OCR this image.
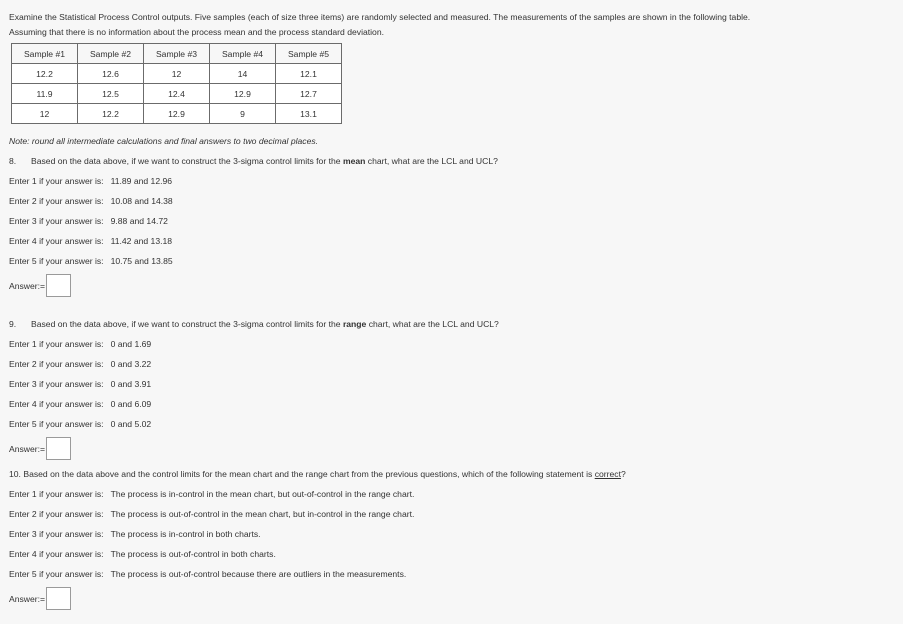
Examine the Statistical Process Control outputs. Five samples (each of size three items) are randomly selected and measured. The measurements of the samples are shown in the following table.
Assuming that there is no information about the process mean and the process standard deviation.
Sample #1	Sample #2	Sample #3	Sample #4	Sample #5
12.2	12.6	12	14	12.1
11.9	12.5	12.4	12.9	12.7
12	12.2	12.9	9	13.1
Note: round all intermediate calculations and final answers to two decimal places.
8. Based on the data above, if we want to construct the 3-sigma control limits for the mean chart, what are the LCL and UCL?
Enter 1 if your answer is: 11.89 and 12.96
Enter 2 if your answer is: 10.08 and 14.38
Enter 3 if your answer is: 9.88 and 14.72
Enter 4 if your answer is: 11.42 and 13.18
Enter 5 if your answer is: 10.75 and 13.85
Answer:=
9. Based on the data above, if we want to construct the 3-sigma control limits for the range chart, what are the LCL and UCL?
Enter 1 if your answer is: 0 and 1.69
Enter 2 if your answer is: 0 and 3.22
Enter 3 if your answer is: 0 and 3.91
Enter 4 if your answer is: 0 and 6.09
Enter 5 if your answer is: 0 and 5.02
Answer:=
10. Based on the data above and the control limits for the mean chart and the range chart from the previous questions, which of the following statement is correct?
Enter 1 if your answer is: The process is in-control in the mean chart, but out-of-control in the range chart.
Enter 2 if your answer is: The process is out-of-control in the mean chart, but in-control in the range chart.
Enter 3 if your answer is: The process is in-control in both charts.
Enter 4 if your answer is: The process is out-of-control in both charts.
Enter 5 if your answer is: The process is out-of-control because there are outliers in the measurements.
Answer:=
